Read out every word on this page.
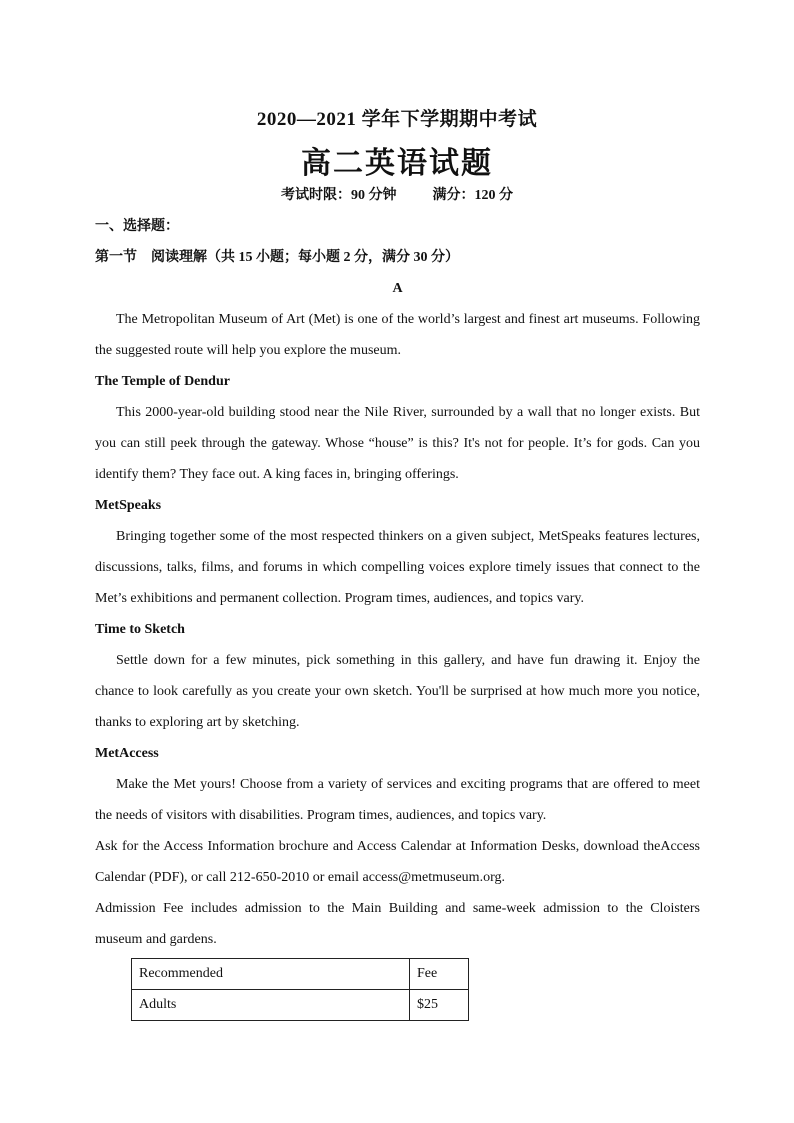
2020—2021 学年下学期期中考试
高二英语试题
考试时限：90 分钟	满分：120 分

一、选择题：

第一节　阅读理解（共 15 小题；每小题 2 分，满分 30 分）

A

The Metropolitan Museum of Art (Met) is one of the world’s largest and finest art museums. Following the suggested route will help you explore the museum.

The Temple of Dendur

This 2000-year-old building stood near the Nile River, surrounded by a wall that no longer exists. But you can still peek through the gateway. Whose “house” is this? It's not for people. It’s for gods. Can you identify them? They face out. A king faces in, bringing offerings.

MetSpeaks

Bringing together some of the most respected thinkers on a given subject, MetSpeaks features lectures, discussions, talks, films, and forums in which compelling voices explore timely issues that connect to the Met’s exhibitions and permanent collection. Program times, audiences, and topics vary.

Time to Sketch

Settle down for a few minutes, pick something in this gallery, and have fun drawing it. Enjoy the chance to look carefully as you create your own sketch. You'll be surprised at how much more you notice, thanks to exploring art by sketching.

MetAccess

Make the Met yours! Choose from a variety of services and exciting programs that are offered to meet the needs of visitors with disabilities. Program times, audiences, and topics vary.

Ask for the Access Information brochure and Access Calendar at Information Desks, download theAccess Calendar (PDF), or call 212-650-2010 or email access@metmuseum.org.

Admission Fee includes admission to the Main Building and same-week admission to the Cloisters museum and gardens.

Recommended	Fee
Adults	$25
